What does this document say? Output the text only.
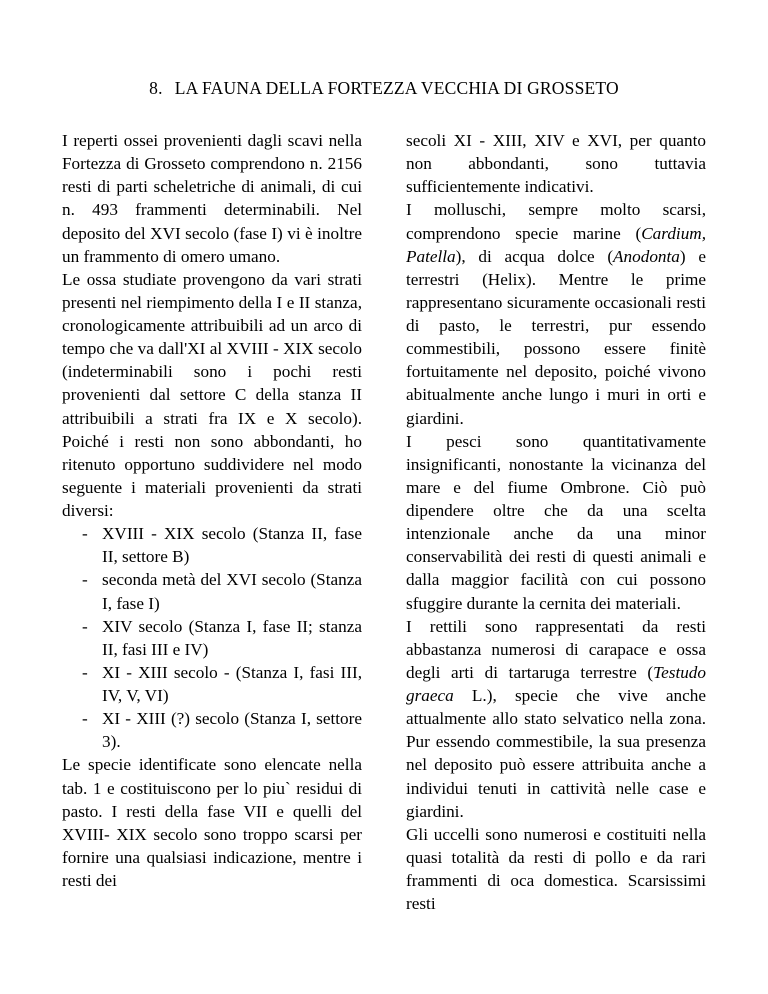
8. LA FAUNA DELLA FORTEZZA VECCHIA DI GROSSETO

I reperti ossei provenienti dagli scavi nella Fortezza di Grosseto comprendono n. 2156 resti di parti scheletriche di animali, di cui n. 493 frammenti determinabili. Nel deposito del XVI secolo (fase I) vi è inoltre un frammento di omero umano.

Le ossa studiate provengono da vari strati presenti nel riempimento della I e II stanza, cronologicamente attribuibili ad un arco di tempo che va dall'XI al XVIII - XIX secolo (indeterminabili sono i pochi resti provenienti dal settore C della stanza II attribuibili a strati fra IX e X secolo). Poiché i resti non sono abbondanti, ho ritenuto opportuno suddividere nel modo seguente i materiali provenienti da strati diversi:

- XVIII - XIX secolo (Stanza II, fase II, settore B)
- seconda metà del XVI secolo (Stanza I, fase I)
- XIV secolo (Stanza I, fase II; stanza II, fasi III e IV)
- XI - XIII secolo - (Stanza I, fasi III, IV, V, VI)
- XI - XIII (?) secolo (Stanza I, settore 3).

Le specie identificate sono elencate nella tab. 1 e costituiscono per lo piu` residui di pasto. I resti della fase VII e quelli del XVIII- XIX secolo sono troppo scarsi per fornire una qualsiasi indicazione, mentre i resti dei

secoli XI - XIII, XIV e XVI, per quanto non abbondanti, sono tuttavia sufficientemente indicativi.

I molluschi, sempre molto scarsi, comprendono specie marine (Cardium, Patella), di acqua dolce (Anodonta) e terrestri (Helix). Mentre le prime rappresentano sicuramente occasionali resti di pasto, le terrestri, pur essendo commestibili, possono essere finitè fortuitamente nel deposito, poiché vivono abitualmente anche lungo i muri in orti e giardini.

I pesci sono quantitativamente insignificanti, nonostante la vicinanza del mare e del fiume Ombrone. Ciò può dipendere oltre che da una scelta intenzionale anche da una minor conservabilità dei resti di questi animali e dalla maggior facilità con cui possono sfuggire durante la cernita dei materiali.

I rettili sono rappresentati da resti abbastanza numerosi di carapace e ossa degli arti di tartaruga terrestre (Testudo graeca L.), specie che vive anche attualmente allo stato selvatico nella zona. Pur essendo commestibile, la sua presenza nel deposito può essere attribuita anche a individui tenuti in cattività nelle case e giardini.

Gli uccelli sono numerosi e costituiti nella quasi totalità da resti di pollo e da rari frammenti di oca domestica. Scarsissimi resti
